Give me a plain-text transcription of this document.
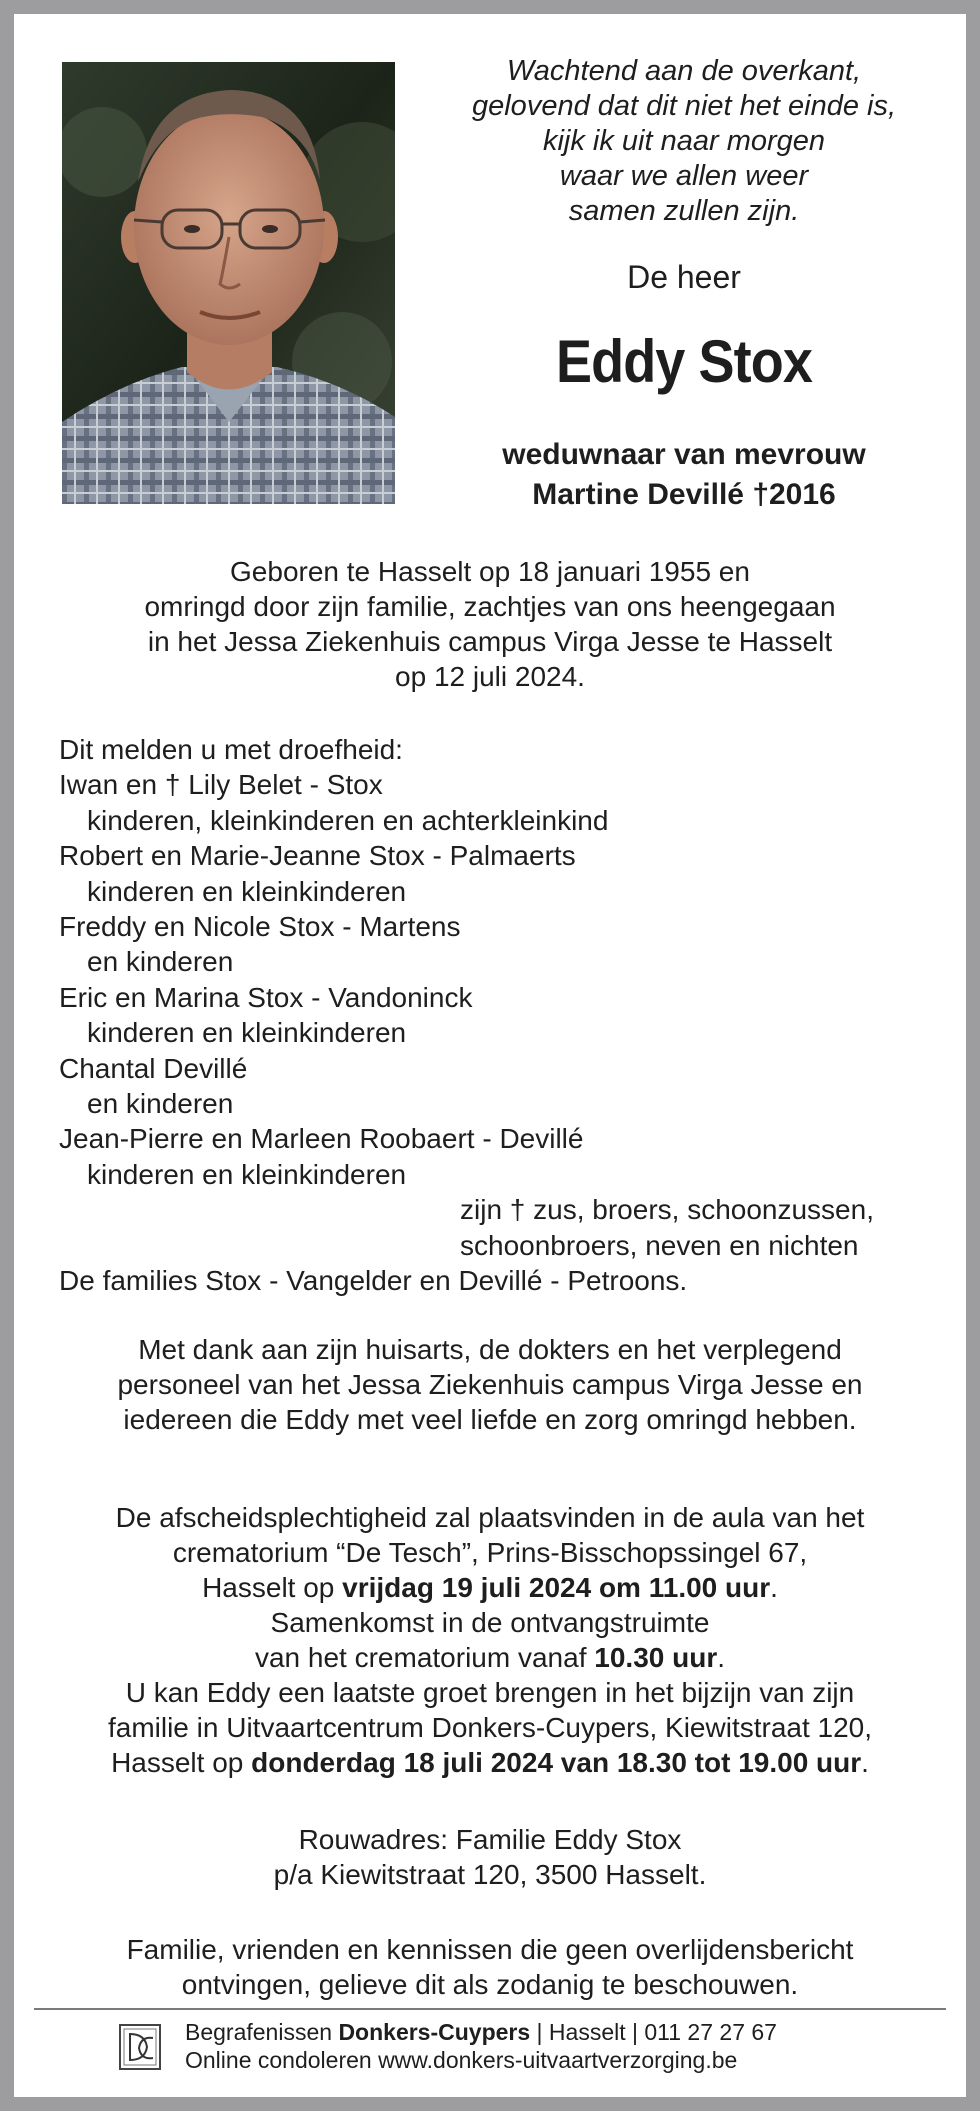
Wachtend aan de overkant,
gelovend dat dit niet het einde is,
kijk ik uit naar morgen
waar we allen weer
samen zullen zijn.
De heer
Eddy Stox
weduwnaar van mevrouw
Martine Devillé †2016
Geboren te Hasselt op 18 januari 1955 en
omringd door zijn familie, zachtjes van ons heengegaan
in het Jessa Ziekenhuis campus Virga Jesse te Hasselt
op 12 juli 2024.
Dit melden u met droefheid:
Iwan en † Lily Belet - Stox
kinderen, kleinkinderen en achterkleinkind
Robert en Marie-Jeanne Stox - Palmaerts
kinderen en kleinkinderen
Freddy en Nicole Stox - Martens
en kinderen
Eric en Marina Stox - Vandoninck
kinderen en kleinkinderen
Chantal Devillé
en kinderen
Jean-Pierre en Marleen Roobaert - Devillé
kinderen en kleinkinderen
zijn † zus, broers, schoonzussen,
schoonbroers, neven en nichten
De families Stox - Vangelder en Devillé - Petroons.
Met dank aan zijn huisarts, de dokters en het verplegend
personeel van het Jessa Ziekenhuis campus Virga Jesse en
iedereen die Eddy met veel liefde en zorg omringd hebben.
De afscheidsplechtigheid zal plaatsvinden in de aula van het
crematorium “De Tesch”, Prins-Bisschopssingel 67,
Hasselt op vrijdag 19 juli 2024 om 11.00 uur.
Samenkomst in de ontvangstruimte
van het crematorium vanaf 10.30 uur.
U kan Eddy een laatste groet brengen in het bijzijn van zijn
familie in Uitvaartcentrum Donkers-Cuypers, Kiewitstraat 120,
Hasselt op donderdag 18 juli 2024 van 18.30 tot 19.00 uur.
Rouwadres: Familie Eddy Stox
p/a Kiewitstraat 120, 3500 Hasselt.
Familie, vrienden en kennissen die geen overlijdensbericht
ontvingen, gelieve dit als zodanig te beschouwen.
Begrafenissen Donkers-Cuypers | Hasselt | 011 27 27 67
Online condoleren www.donkers-uitvaartverzorging.be
